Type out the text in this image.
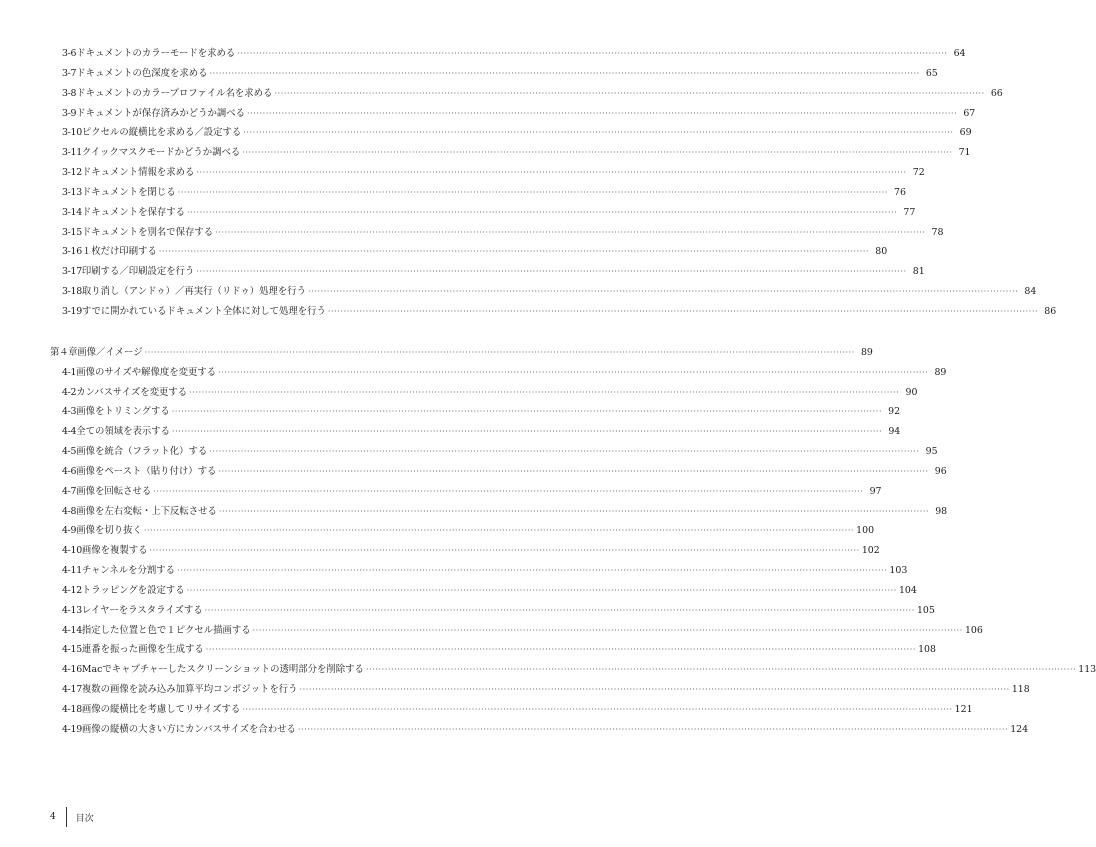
3-6 ドキュメントのカラーモードを求める ·····	64
3-7 ドキュメントの色深度を求める ·····	65
3-8 ドキュメントのカラープロファイル名を求める ·····	66
3-9 ドキュメントが保存済みかどうか調べる ·····	67
3-10 ピクセルの縦横比を求める／設定する ·····	69
3-11 クイックマスクモードかどうか調べる ·····	71
3-12 ドキュメント情報を求める ·····	72
3-13 ドキュメントを閉じる ·····	76
3-14 ドキュメントを保存する ·····	77
3-15 ドキュメントを別名で保存する ·····	78
3-16 １枚だけ印刷する ·····	80
3-17 印刷する／印刷設定を行う ·····	81
3-18 取り消し（アンドゥ）／再実行（リドゥ）処理を行う ·····	84
3-19 すでに開かれているドキュメント全体に対して処理を行う ·····	86
第４章 画像／イメージ ·····	89
4-1 画像のサイズや解像度を変更する ·····	89
4-2 カンバスサイズを変更する ·····	90
4-3 画像をトリミングする ·····	92
4-4 全ての領域を表示する ·····	94
4-5 画像を統合（フラット化）する ·····	95
4-6 画像をペースト（貼り付け）する ·····	96
4-7 画像を回転させる ·····	97
4-8 画像を左右変転・上下反転させる ·····	98
4-9 画像を切り抜く ·····	100
4-10 画像を複製する ·····	102
4-11 チャンネルを分割する ·····	103
4-12 トラッピングを設定する ·····	104
4-13 レイヤーをラスタライズする ·····	105
4-14 指定した位置と色で１ピクセル描画する ·····	106
4-15 連番を振った画像を生成する ·····	108
4-16 Macでキャプチャーしたスクリーンショットの透明部分を削除する ·····	113
4-17 複数の画像を読み込み加算平均コンポジットを行う ·····	118
4-18 画像の縦横比を考慮してリサイズする ·····	121
4-19 画像の縦横の大きい方にカンバスサイズを合わせる ·····	124
4 目次
